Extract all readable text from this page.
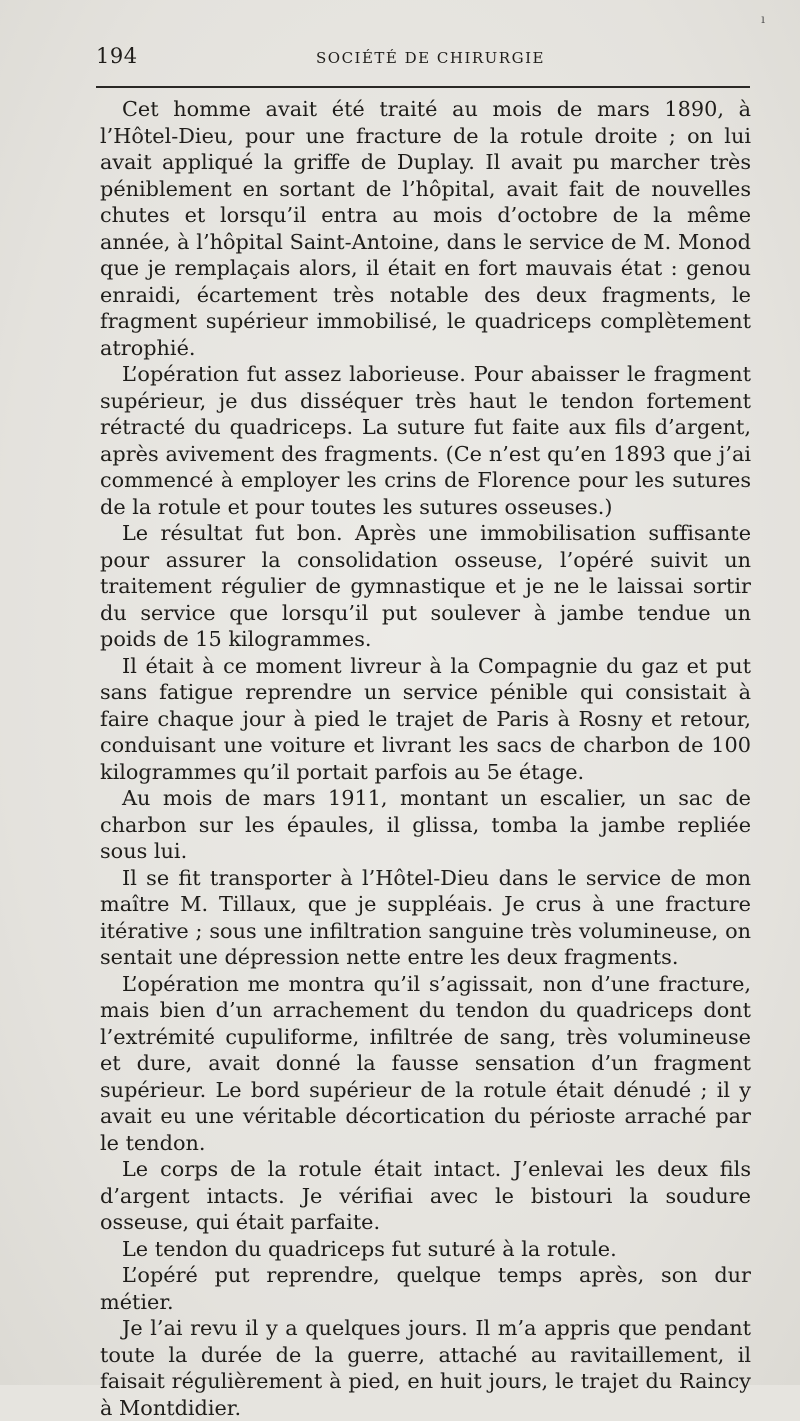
ı
194	SOCIÉTÉ DE CHIRURGIE

Cet homme avait été traité au mois de mars 1890, à l’Hôtel-Dieu, pour une fracture de la rotule droite ; on lui avait appliqué la griffe de Duplay. Il avait pu marcher très péniblement en sortant de l’hôpital, avait fait de nouvelles chutes et lorsqu’il entra au mois d’octobre de la même année, à l’hôpital Saint-Antoine, dans le service de M. Monod que je remplaçais alors, il était en fort mauvais état : genou enraidi, écartement très notable des deux fragments, le fragment supérieur immobilisé, le quadriceps complètement atrophié.

L’opération fut assez laborieuse. Pour abaisser le fragment supérieur, je dus disséquer très haut le tendon fortement rétracté du quadriceps. La suture fut faite aux fils d’argent, après avivement des fragments. (Ce n’est qu’en 1893 que j’ai commencé à employer les crins de Florence pour les sutures de la rotule et pour toutes les sutures osseuses.)

Le résultat fut bon. Après une immobilisation suffisante pour assurer la consolidation osseuse, l’opéré suivit un traitement régulier de gymnastique et je ne le laissai sortir du service que lorsqu’il put soulever à jambe tendue un poids de 15 kilogrammes.

Il était à ce moment livreur à la Compagnie du gaz et put sans fatigue reprendre un service pénible qui consistait à faire chaque jour à pied le trajet de Paris à Rosny et retour, conduisant une voiture et livrant les sacs de charbon de 100 kilogrammes qu’il portait parfois au 5e étage.

Au mois de mars 1911, montant un escalier, un sac de charbon sur les épaules, il glissa, tomba la jambe repliée sous lui.

Il se fit transporter à l’Hôtel-Dieu dans le service de mon maître M. Tillaux, que je suppléais. Je crus à une fracture itérative ; sous une infiltration sanguine très volumineuse, on sentait une dépression nette entre les deux fragments.

L’opération me montra qu’il s’agissait, non d’une fracture, mais bien d’un arrachement du tendon du quadriceps dont l’extrémité cupuliforme, infiltrée de sang, très volumineuse et dure, avait donné la fausse sensation d’un fragment supérieur. Le bord supérieur de la rotule était dénudé ; il y avait eu une véritable décortication du périoste arraché par le tendon.

Le corps de la rotule était intact. J’enlevai les deux fils d’argent intacts. Je vérifiai avec le bistouri la soudure osseuse, qui était parfaite.

Le tendon du quadriceps fut suturé à la rotule.

L’opéré put reprendre, quelque temps après, son dur métier.

Je l’ai revu il y a quelques jours. Il m’a appris que pendant toute la durée de la guerre, attaché au ravitaillement, il faisait régulièrement à pied, en huit jours, le trajet du Raincy à Montdidier.
